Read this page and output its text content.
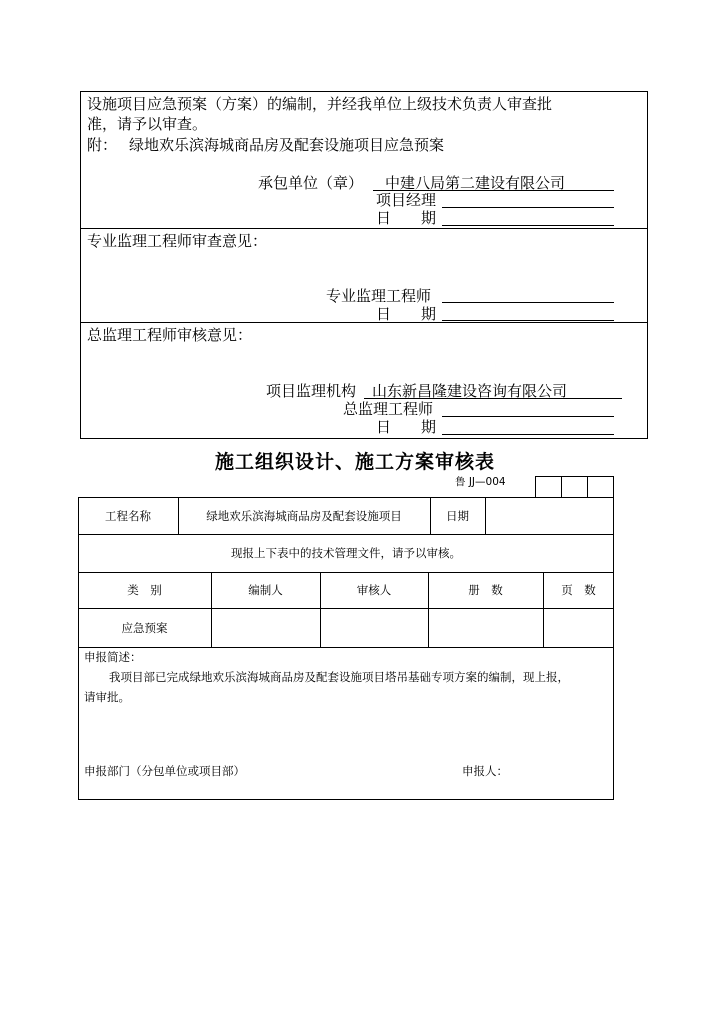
设施项目应急预案（方案）的编制，并经我单位上级技术负责人审查批
准，请予以审查。
附： 绿地欢乐滨海城商品房及配套设施项目应急预案
承包单位（章） 中建八局第二建设有限公司
项目经理
日　　期
专业监理工程师审查意见：
专业监理工程师
日　　期
总监理工程师审核意见：
项目监理机构 山东新昌隆建设咨询有限公司
总监理工程师
日　　期
施工组织设计、施工方案审核表
鲁 JJ—004
工程名称	绿地欢乐滨海城商品房及配套设施项目	日期
现报上下表中的技术管理文件，请予以审核。
类　别	编制人	审核人	册　数	页　数
应急预案
申报简述：
我项目部已完成绿地欢乐滨海城商品房及配套设施项目塔吊基础专项方案的编制，现上报，
请审批。
申报部门（分包单位或项目部）	申报人：
